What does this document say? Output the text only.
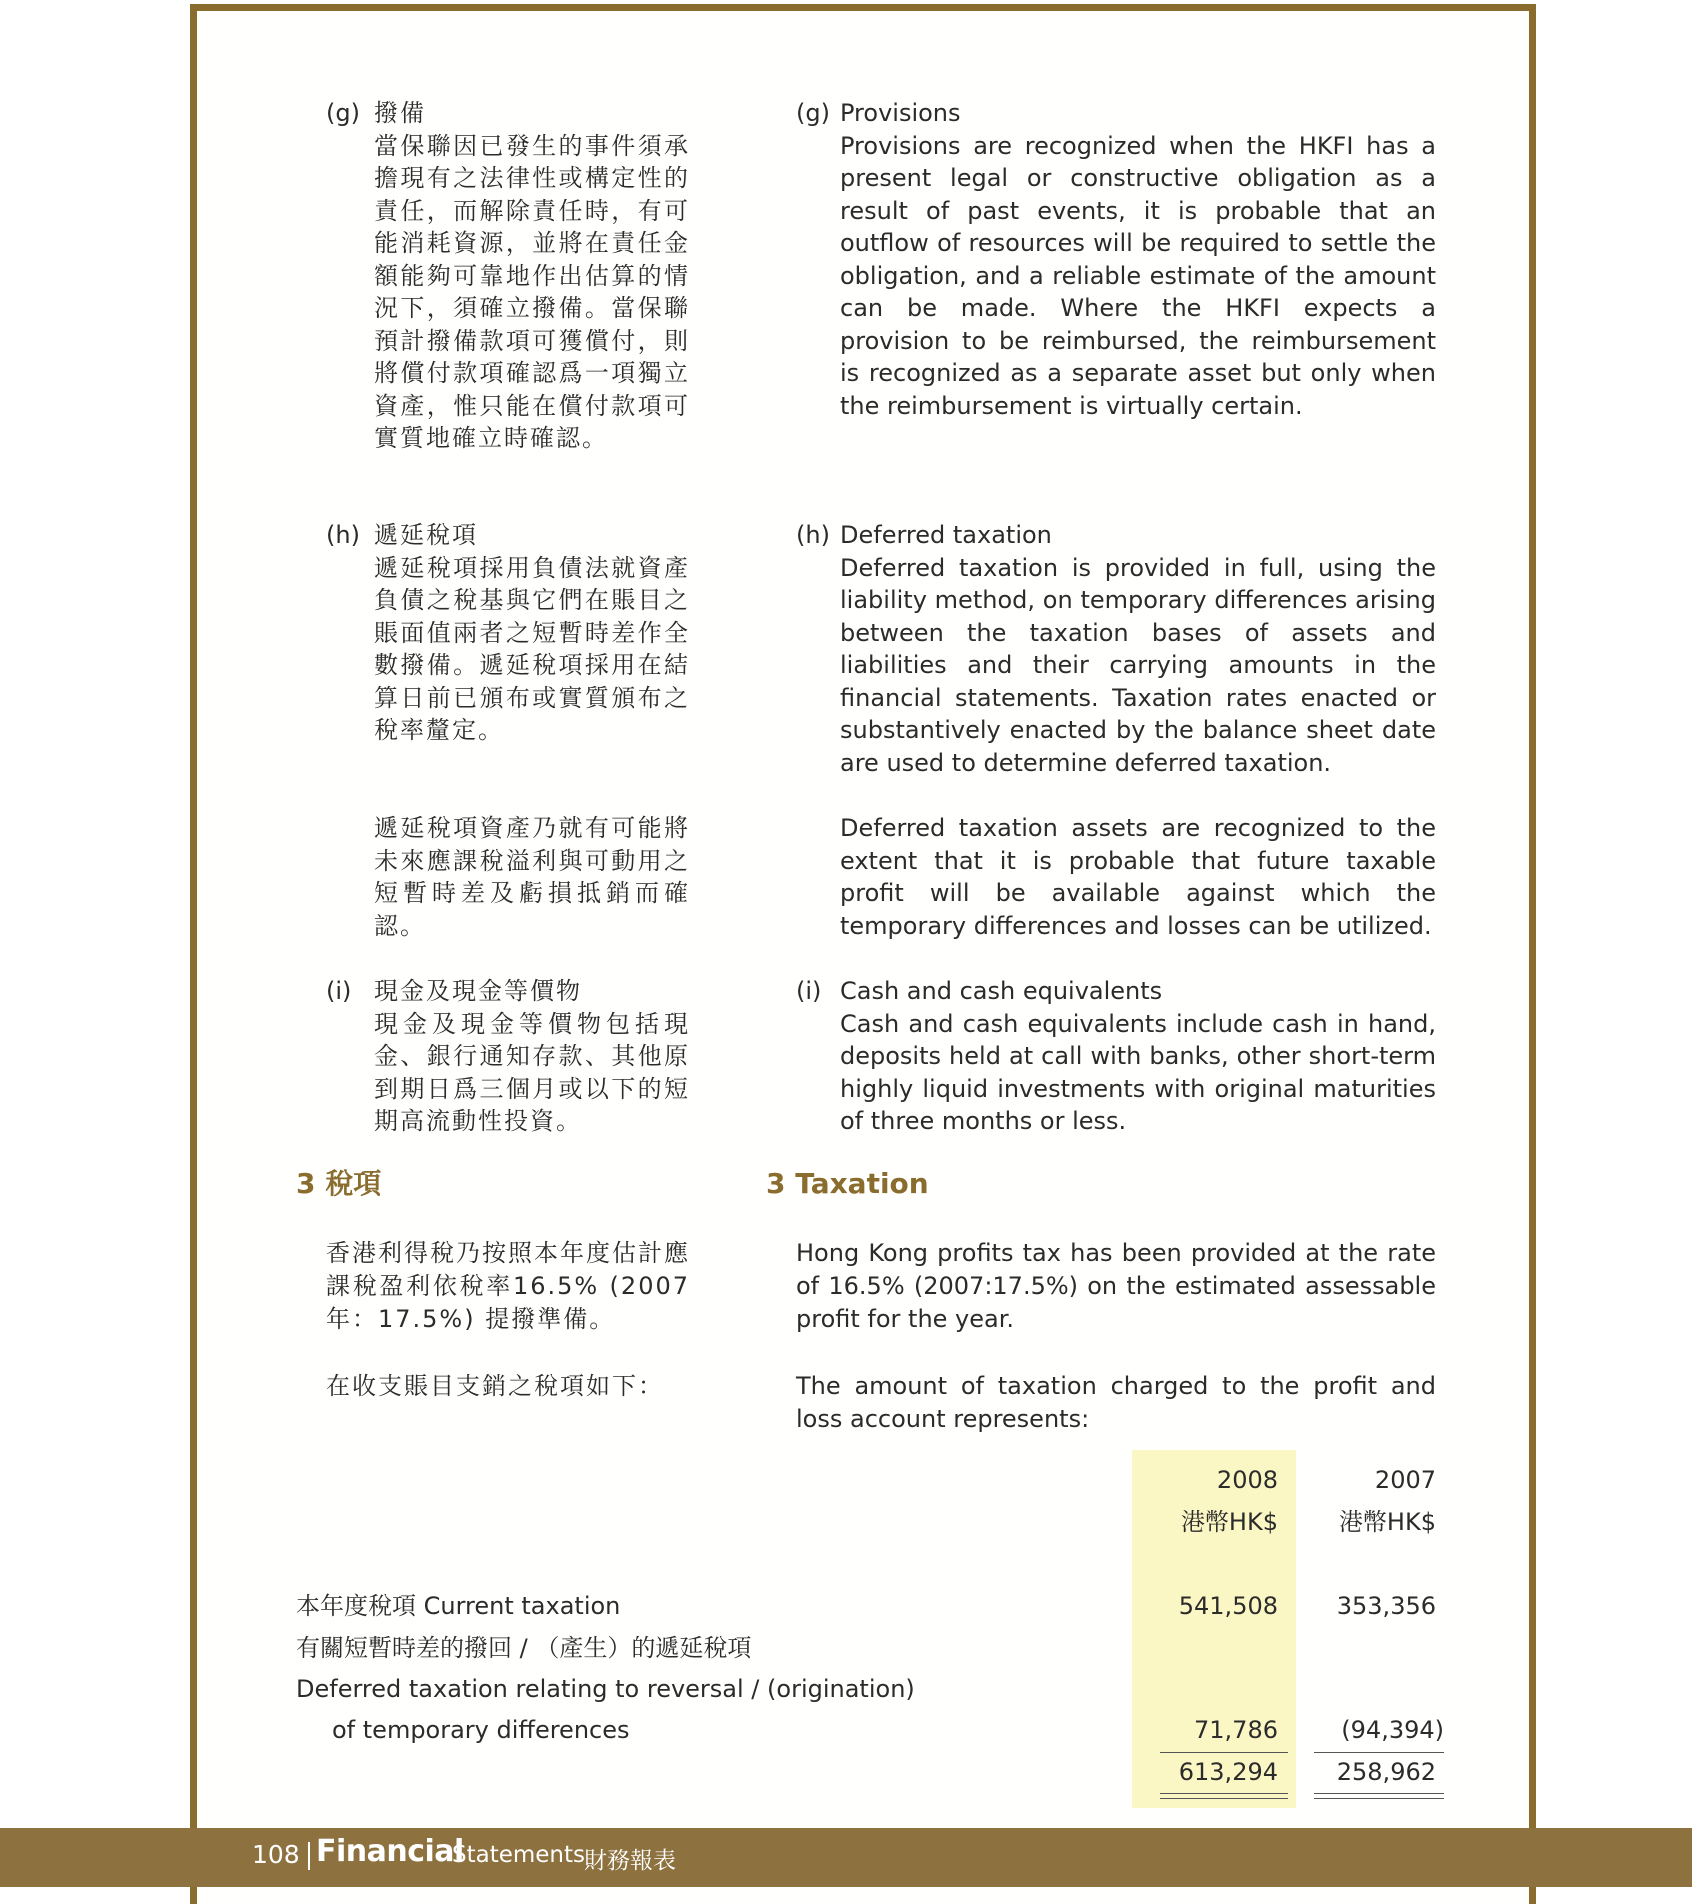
(g) 撥備
當保聯因已發生的事件須承擔現有之法律性或構定性的責任，而解除責任時，有可能消耗資源，並將在責任金額能夠可靠地作出估算的情況下，須確立撥備。當保聯預計撥備款項可獲償付，則將償付款項確認爲一項獨立資產，惟只能在償付款項可實質地確立時確認。
(g) Provisions
Provisions are recognized when the HKFI has a present legal or constructive obligation as a result of past events, it is probable that an outflow of resources will be required to settle the obligation, and a reliable estimate of the amount can be made. Where the HKFI expects a provision to be reimbursed, the reimbursement is recognized as a separate asset but only when the reimbursement is virtually certain.
(h) 遞延稅項
遞延稅項採用負債法就資產負債之稅基與它們在賬目之賬面值兩者之短暫時差作全數撥備。遞延稅項採用在結算日前已頒布或實質頒布之稅率釐定。
(h) Deferred taxation
Deferred taxation is provided in full, using the liability method, on temporary differences arising between the taxation bases of assets and liabilities and their carrying amounts in the financial statements. Taxation rates enacted or substantively enacted by the balance sheet date are used to determine deferred taxation.
遞延稅項資產乃就有可能將未來應課稅溢利與可動用之短暫時差及虧損抵銷而確認。
Deferred taxation assets are recognized to the extent that it is probable that future taxable profit will be available against which the temporary differences and losses can be utilized.
(i) 現金及現金等價物
現金及現金等價物包括現金、銀行通知存款、其他原到期日爲三個月或以下的短期高流動性投資。
(i) Cash and cash equivalents
Cash and cash equivalents include cash in hand, deposits held at call with banks, other short-term highly liquid investments with original maturities of three months or less.
3 稅項	3 Taxation
香港利得稅乃按照本年度估計應課稅盈利依稅率16.5% (2007年：17.5%) 提撥準備。
Hong Kong profits tax has been provided at the rate of 16.5% (2007:17.5%) on the estimated assessable profit for the year.
在收支賬目支銷之稅項如下：	The amount of taxation charged to the profit and loss account represents:
2008	2007
港幣HK$	港幣HK$
本年度稅項 Current taxation	541,508	353,356
有關短暫時差的撥回 / （產生）的遞延稅項
Deferred taxation relating to reversal / (origination)
of temporary differences	71,786	(94,394)
613,294	258,962
108 Financial
Statements
財務報表
